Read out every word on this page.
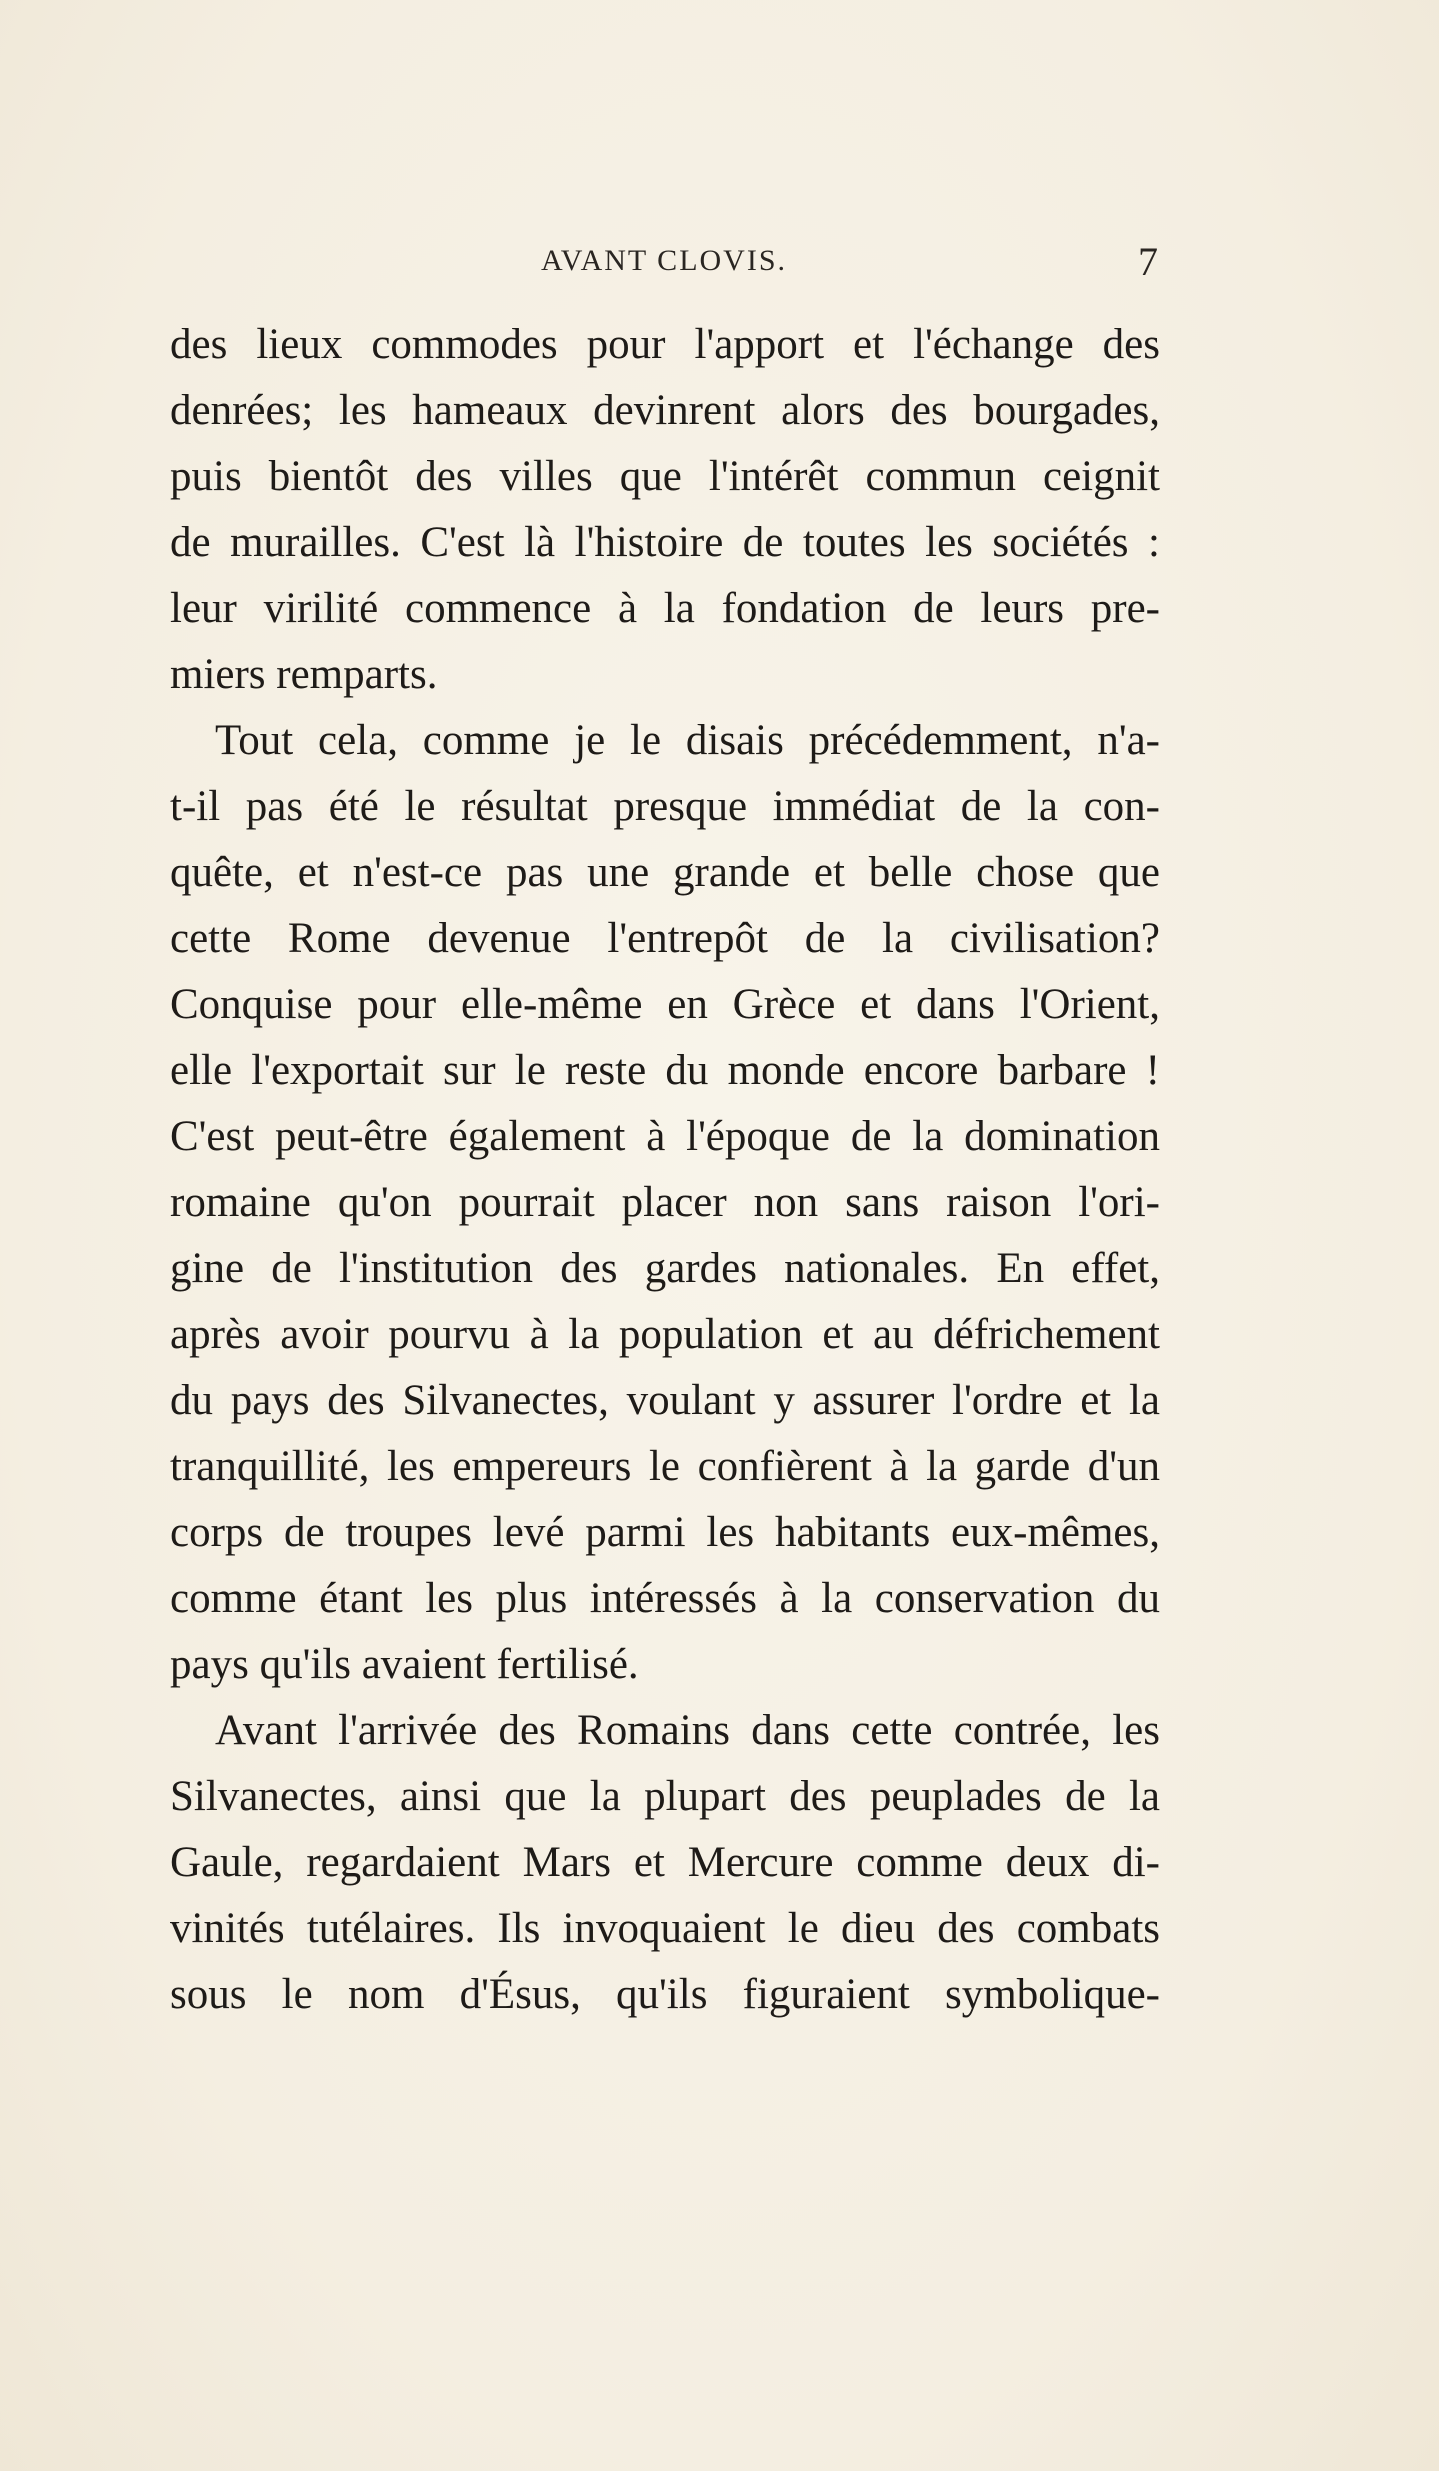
AVANT CLOVIS.	7
des lieux commodes pour l'apport et l'échange des
denrées; les hameaux devinrent alors des bourgades,
puis bientôt des villes que l'intérêt commun ceignit
de murailles. C'est là l'histoire de toutes les sociétés :
leur virilité commence à la fondation de leurs pre-
miers remparts.
Tout cela, comme je le disais précédemment, n'a-
t-il pas été le résultat presque immédiat de la con-
quête, et n'est-ce pas une grande et belle chose que
cette Rome devenue l'entrepôt de la civilisation?
Conquise pour elle-même en Grèce et dans l'Orient,
elle l'exportait sur le reste du monde encore barbare !
C'est peut-être également à l'époque de la domination
romaine qu'on pourrait placer non sans raison l'ori-
gine de l'institution des gardes nationales. En effet,
après avoir pourvu à la population et au défrichement
du pays des Silvanectes, voulant y assurer l'ordre et la
tranquillité, les empereurs le confièrent à la garde d'un
corps de troupes levé parmi les habitants eux-mêmes,
comme étant les plus intéressés à la conservation du
pays qu'ils avaient fertilisé.
Avant l'arrivée des Romains dans cette contrée, les
Silvanectes, ainsi que la plupart des peuplades de la
Gaule, regardaient Mars et Mercure comme deux di-
vinités tutélaires. Ils invoquaient le dieu des combats
sous le nom d'Ésus, qu'ils figuraient symbolique-
